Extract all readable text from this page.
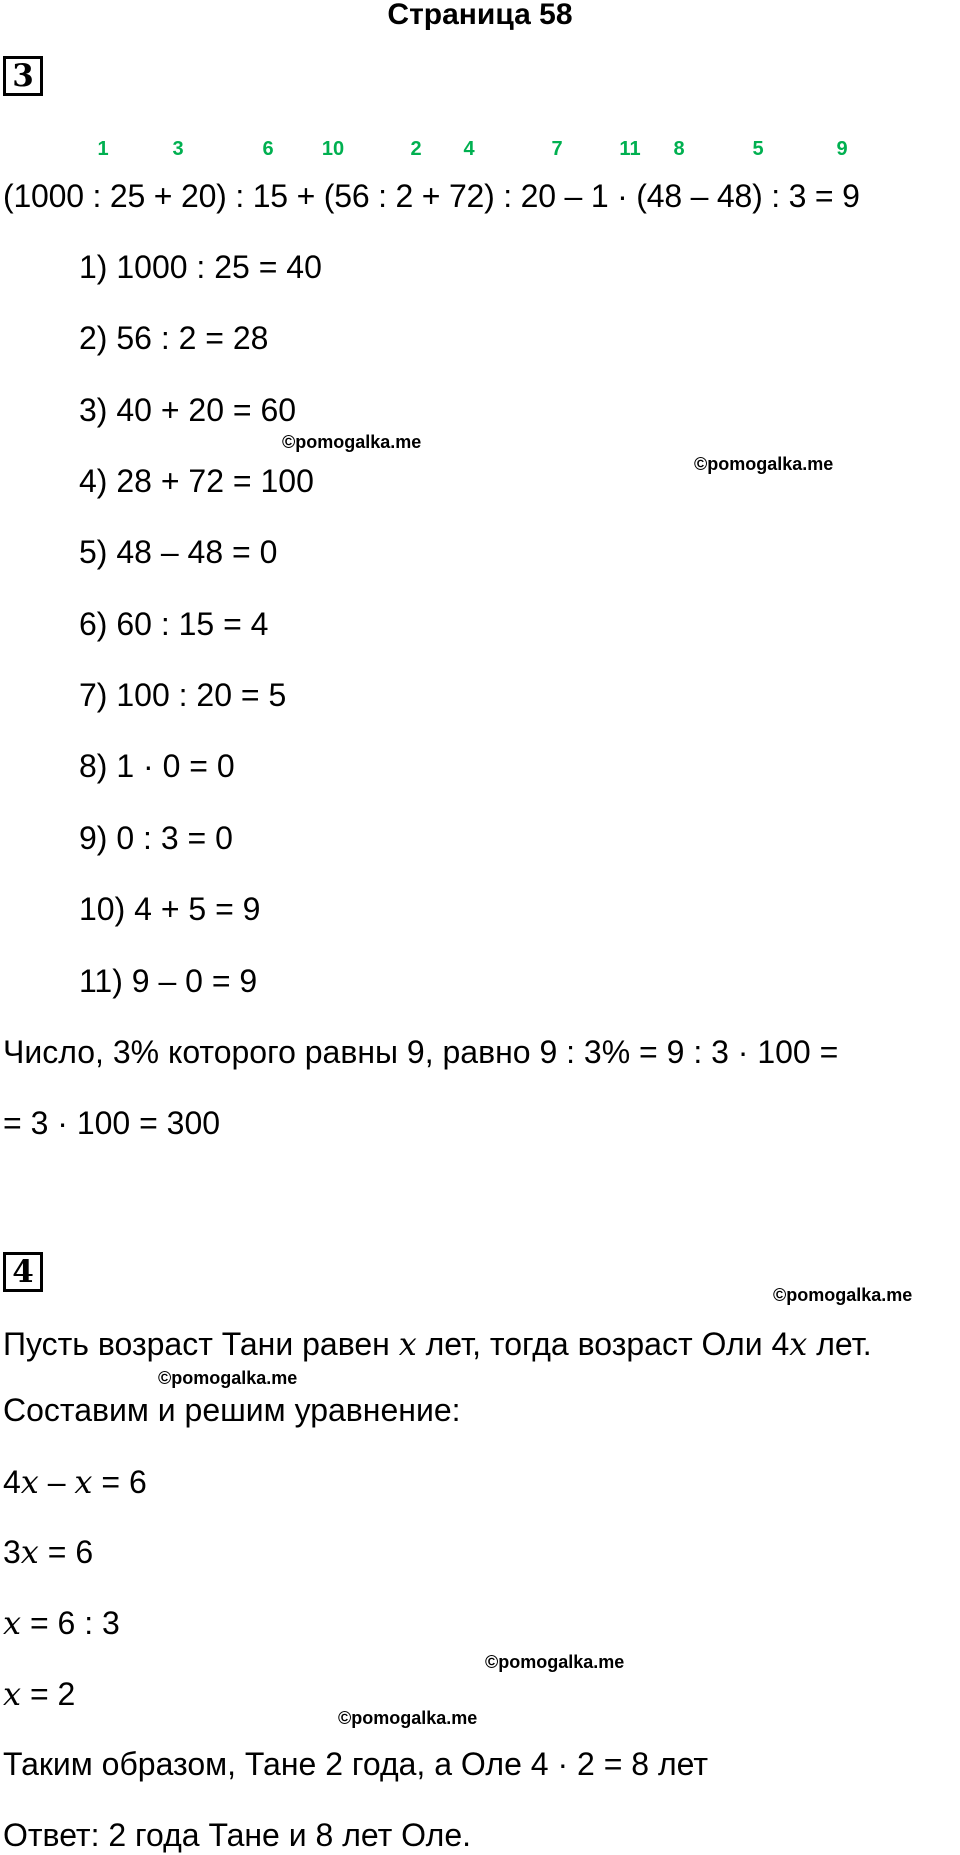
Страница 58
3
1	3	6 10	2 4	7	11 8	5	9
(1000 : 25 + 20) : 15 + (56 : 2 + 72) : 20 – 1 · (48 – 48) : 3 = 9
1) 1000 : 25 = 40
2) 56 : 2 = 28
3) 40 + 20 = 60
4) 28 + 72 = 100
5) 48 – 48 = 0
6) 60 : 15 = 4
7) 100 : 20 = 5
8) 1 · 0 = 0
9) 0 : 3 = 0
10) 4 + 5 = 9
11) 9 – 0 = 9
Число, 3% которого равны 9, равно 9 : 3% = 9 : 3 · 100 =
= 3 · 100 = 300
©pomogalka.me
©pomogalka.me
4
©pomogalka.me
Пусть возраст Тани равен x лет, тогда возраст Оли 4x лет.
©pomogalka.me
Составим и решим уравнение:
4x – x = 6
3x = 6
x = 6 : 3
©pomogalka.me
x = 2
©pomogalka.me
Таким образом, Тане 2 года, а Оле 4 · 2 = 8 лет
Ответ: 2 года Тане и 8 лет Оле.
